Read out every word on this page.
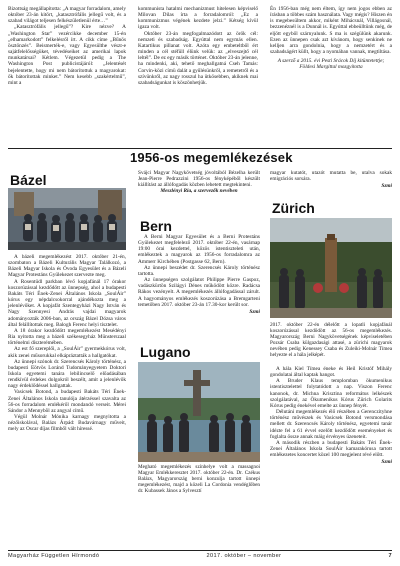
Bizottság megállapította: „A magyar forradalom, amely október 23-án kitört, „katasztrófális jellegű volt, és a szabad világot teljesen felkészületlenül érte…”

„Katasztrófális jellegű”? Kire nézve? A „Washington Star” vezércikke december 15-én „elhamarkodott” felkelésről írt. A cikk címe „Bűnös ösztönzés”. Beismerték-e, vagy Egyesülthe vészt-e sajátfelelősségüket, tévedéseiket az amerikai lapok munkatársai? Kétlem. Végezetül pedig a The Washington Post publicistájáról: „Jelentését bejelentette, hogy mi nem bátorítottuk a magyarokat: ők bátorítottak minket.” Nem kesebb „szakértelmű”, mint a

kommunista hatalmi mechanizmust hitelesen képviselő Milovan Dilas írta a forradalomról: „Ez a kommunizmus végének kezdete jelzi.” Kétség kívül igaza volt.

Október 23-án megfogalmazódott az örök cél: nemzeti és szabadság. Egyúttal nem egymás ellen. Katartikus pillanat volt. Azóta egy embeteltből ért minden a cél stéfüll élünk velük: az „elveszejtő cél leltél”. De ez egy másik történet. Október 23-án jelenne, ha mindenki, aki, tehető meghallgatná Cseh Tamás: Corvin-közi címü dalát a gyűlésünkről, a remetetről és a szívünkről, az nagy rosszul ha ütkösebben, akiknek mai szabadságunkat is köszönhetjük.

Én 1956-ban még nem éltem, így nem jogos ebben az írásban a többes szám használata. Vagy mégis? Hiszen én is megebesültem akkor, miként Mihácsnál, Villágosnál, bezzenéznél is a Dunnál is. Egyúttal ebbeülltünk még, de eljött egyből szárnyalunk. S ma is szégülünk akarunk. Ezen az ünnepen csak azt kívánom, hogy senkinek ne kelljen arra gondolnia, hogy a nemzetért és a szabadságért küllt, hogy a nyomában vannak, megtiltása.

A szerző a 2015. évi Pesti Srácok Díj kitüntetettje; Földesi Margittal mozgyította
1956-os megemlékezések
Bázel

A bázeli megemlékezést 2017. október 21-én, szombaton a Bázeli Kulturális Magyar Találkozó, a Bázeli Magyar Iskola és Óvoda Egyesület és a Bázeli Magyar Protestáns Gyülekezet szervezte meg.

A Rosentüdl parkban lévő kopjafánál 17 órakor koszorúzással kezdődött az ünnepség, ahol a budapesti Bakáts Téri Ének-Zenei Általános Iskola „SoulÁir” kórus egy népdalcsokorral ajándékozta meg a jelenlévőket. A kopjafát Szentegyházi Nagy István és Nagy Szennyesi András vajdai magyarok adományozták 2006-ban, az ország Bázel Dózsa város által felállítottak meg. Balogh Ferenc helyi tisztelet.

A 18 órakor kezdődött megemlékezést Mesédényi Ria nyitotta meg a bázeli székesegyház Münsterszaal történelmi díszterémében.

Az est fő szereplői, a „SoulÁir” gyermekkórus volt, akik zenei műsorukkal elkápráztatták a hallgatókat.

Az ünnepi szónok dr. Szerencsés Károly történész, a budapesti Eötvös Loránd Tudományegyetem Doktori Iskola egyetemi tanára lebilincselő előadásában rendkívül érdekes dolgokról beszélt, amit a jelenlévők nagy érdeklődéssel hallgattak.

Vasicsek Botond, a budapesti Bakáts Téri Ének-Zenei Általános Iskola tanulója átérzéssel szavalta az 56-os forradalom emlékéről mondandó verseit. Mérei Sándor a Mennybõl az angyal című.

Végül Molnár Mónika karnagy megnyitotta a nézőiskolával, Balázs Árpád: Budavárnagy műveit, mely az Oscar díjas filmből vált híressé.

Svájci Magyar Nagykövetség jóvoltából Bézelha került Jean-Pierre Pedrazzini 1956-os fényképéből készült kiállítást az állófogadás közben lehetett megtekinteni.

Meszlényi Ria, a szervezők nevében
Bern

A Berni Magyar Egyesület és a Berni Protestáns Gyülekezet megfelelező 2017. október 22-én, vasárnap 19:00 órai kezdettel, közös istentiszteleti után, emlékeztek a magyarok az 1956-os forradalomra az Ammerr Kirchében (Postgasse 62, Bern).

Az ünnepi beszédet dr. Szerencsés Károly történész tartotta.

Az ünnepségen szolgálatot Philippe Pierre Gaspoz, vadászkürtön Szilágyi Dénes működött közre. Radácsa Rákos vezényelt. A megemlékezés állófogadással zárult. A hagyományos emlékezés koszorúzása a Bremgarteni temetőben 2017. október 23-án 17.30-kor került sor.

Szmi
Lugano
Megható megemlékezés színhelye volt a massagnoi Magyar Emlékkeresztet 2017. október 22-én. Dr. Czékus Balázs, Magyarország berni konzulja tartott ünnepi megemlékezést, majd a közeli La Cordonia vendéglőben dr. Kubassek János a Sylvesztí

magyar kutatót, utazót mutatta be, utalva sokak emigrációs sorsára.

Szmi
Zürich
2017. október 22-én délelőtt a lopatli kopjafánál koszorúzással kezdődött az 56-os megemlékezés. Magyarország Berni Nagykövetségének képviseletében Pozsár Csaba külgazdasági attasé, a zürichi magyarok nevében pedig Kenessey Csaba és Zuleiki-Molnár Tímea helyezte el a hála jelképét.

A hála Kiel Tímea éneke és Heil Kristóf Mihály gondolatai által kaptak hangot.

A Bruder Klaus templomban ökumenikus istentisztelettel folytatódott a nap. Viszon Ferenc kanonok, dr. Michna Krisztina református lelkészek szolgálatával, az Ökumenikus Kórus Zürich Golarits Kórus pedig énekével emelte az ünnep fényét.

Délutáni megemlékezés élő részében a Gerenczityhne történész művészek és Vasicsek Botond versmondása mellett dr. Szerencsés Károly történész, egyetemi tanár idézte fel a 61 évvel ezelőtt kezdődött eseményeket és foglalta össze annak máig érvényes üzeneteit.

A második részben a budapesti Bakáts Téri Ének-Zenei Általános Iskola SoulÁir kamarakórusa tartott emlékezetes koncertet közel 100 megjelent révé előtt.

Szmi
Magyarház Független Hírmondó	2017. október – november	7
